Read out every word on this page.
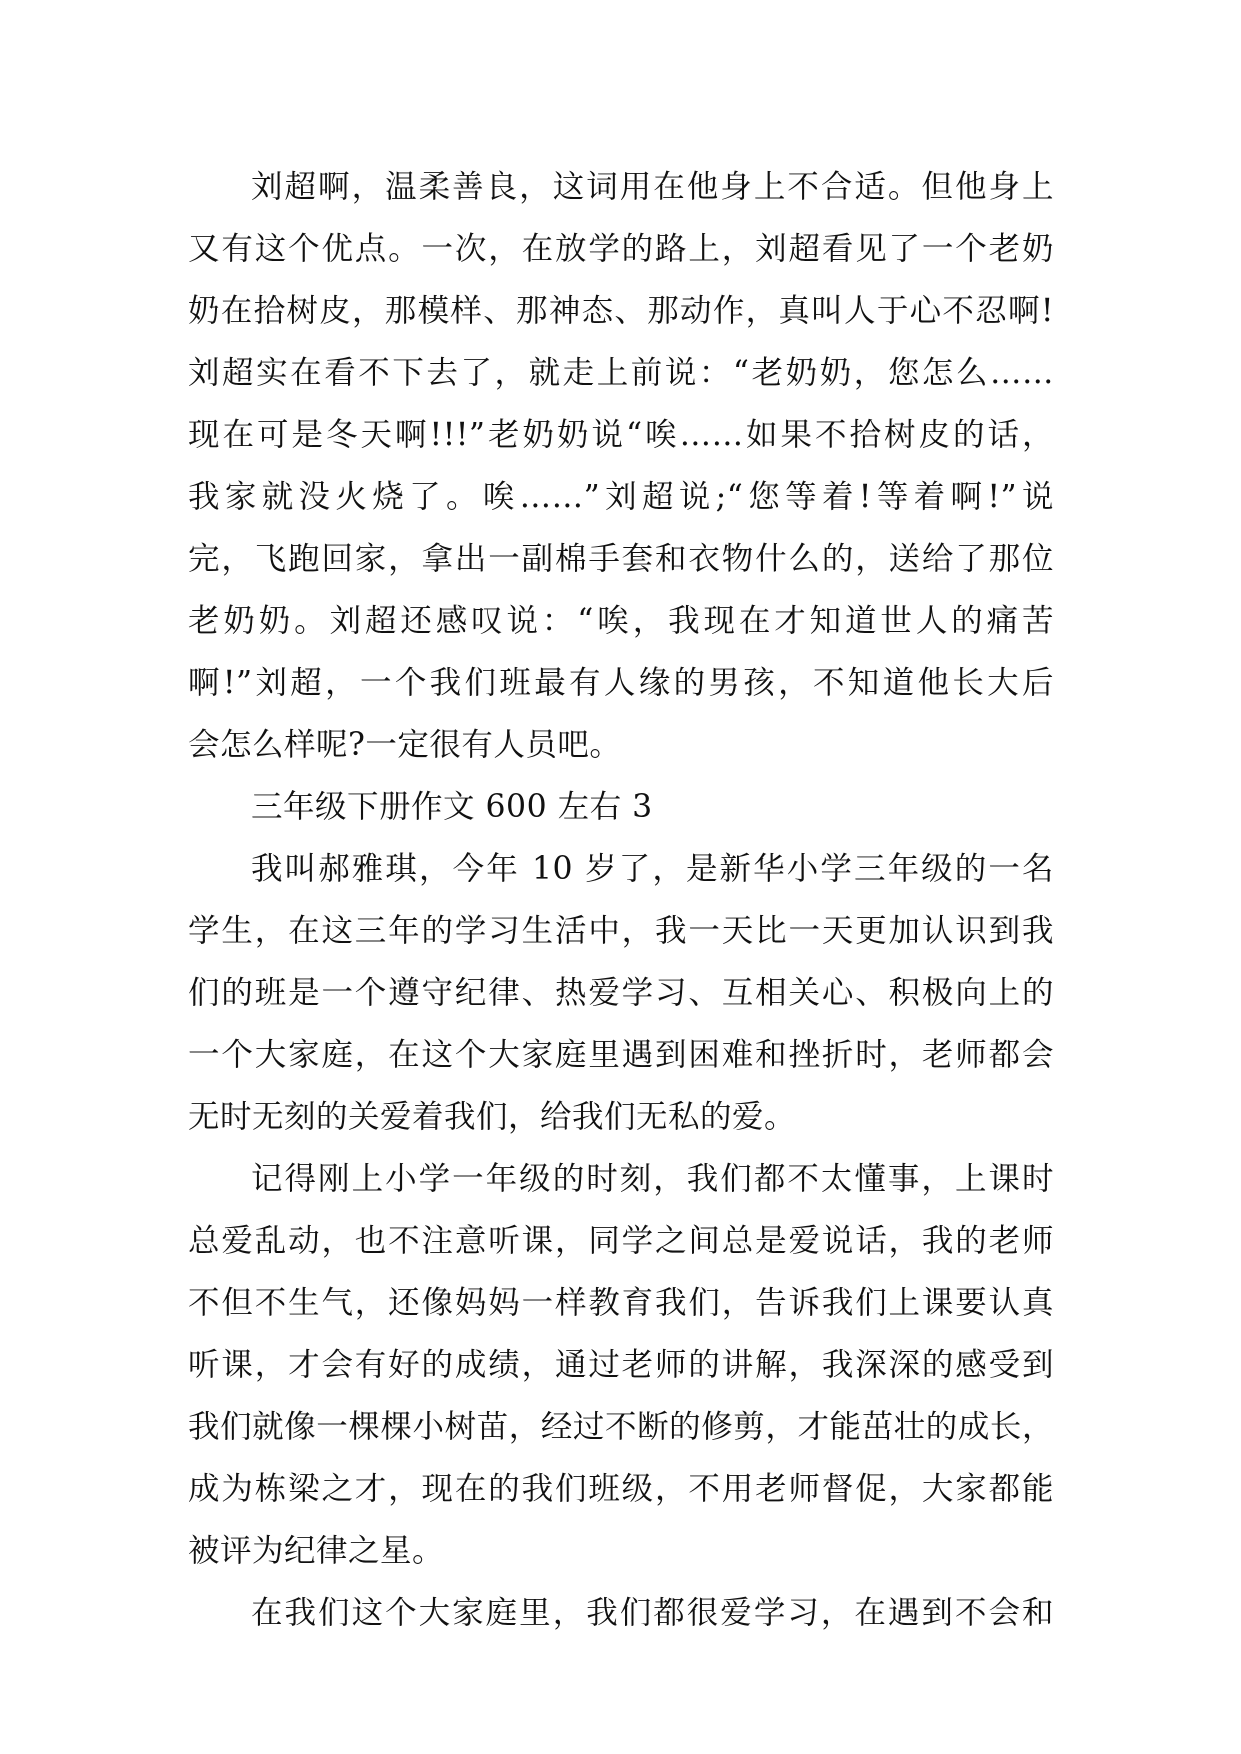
刘超啊，温柔善良，这词用在他身上不合适。但他身上
又有这个优点。一次，在放学的路上，刘超看见了一个老奶
奶在拾树皮，那模样、那神态、那动作，真叫人于心不忍啊!
刘超实在看不下去了，就走上前说：“老奶奶，您怎么……
现在可是冬天啊!!!”老奶奶说“唉……如果不拾树皮的话，
我家就没火烧了。唉……”刘超说;“您等着!等着啊!”说
完，飞跑回家，拿出一副棉手套和衣物什么的，送给了那位
老奶奶。刘超还感叹说：“唉，我现在才知道世人的痛苦
啊!”刘超，一个我们班最有人缘的男孩，不知道他长大后
会怎么样呢?一定很有人员吧。
三年级下册作文 600 左右 3
我叫郝雅琪，今年 10 岁了，是新华小学三年级的一名
学生，在这三年的学习生活中，我一天比一天更加认识到我
们的班是一个遵守纪律、热爱学习、互相关心、积极向上的
一个大家庭，在这个大家庭里遇到困难和挫折时，老师都会
无时无刻的关爱着我们，给我们无私的爱。
记得刚上小学一年级的时刻，我们都不太懂事，上课时
总爱乱动，也不注意听课，同学之间总是爱说话，我的老师
不但不生气，还像妈妈一样教育我们，告诉我们上课要认真
听课，才会有好的成绩，通过老师的讲解，我深深的感受到
我们就像一棵棵小树苗，经过不断的修剪，才能茁壮的成长，
成为栋梁之才，现在的我们班级，不用老师督促，大家都能
被评为纪律之星。
在我们这个大家庭里，我们都很爱学习，在遇到不会和
